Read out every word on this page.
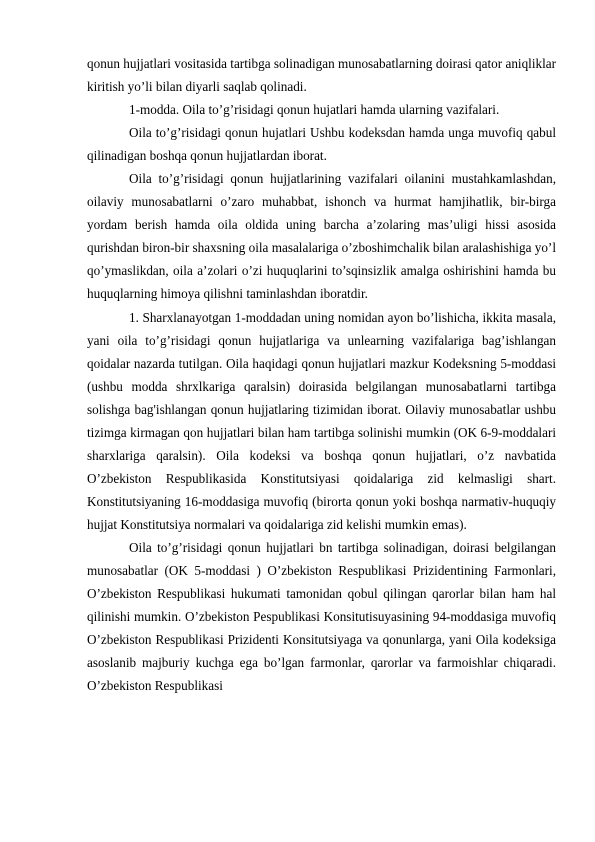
qonun hujjatlari vositasida tartibga solinadigan munosabatlarning doirasi qator aniqliklar kiritish yo’li bilan diyarli saqlab qolinadi.

1-modda. Oila to’g’risidagi qonun hujatlari hamda ularning vazifalari.

Oila to’g’risidagi qonun hujatlari Ushbu kodeksdan hamda unga muvofiq qabul qilinadigan boshqa qonun hujjatlardan iborat.

Oila to’g’risidagi qonun hujjatlarining vazifalari oilanini mustahkamlashdan, oilaviy munosabatlarni o’zaro muhabbat, ishonch va hurmat hamjihatlik, bir-birga yordam berish hamda oila oldida uning barcha a’zolaring mas’uligi hissi asosida qurishdan biron-bir shaxsning oila masalalariga o’zboshimchalik bilan aralashishiga yo’l qo’ymaslikdan, oila a’zolari o’zi huquqlarini to’sqinsizlik amalga oshirishini hamda bu huquqlarning himoya qilishni taminlashdan iboratdir.

1. Sharxlanayotgan 1-moddadan uning nomidan ayon bo’lishicha, ikkita masala, yani oila to’g’risidagi qonun hujjatlariga va unlearning vazifalariga bag’ishlangan qoidalar nazarda tutilgan. Oila haqidagi qonun hujjatlari mazkur Kodeksning 5-moddasi (ushbu modda shrxlkariga qaralsin) doirasida belgilangan munosabatlarni tartibga solishga bag'ishlangan qonun hujjatlaring tizimidan iborat. Oilaviy munosabatlar ushbu tizimga kirmagan qon hujjatlari bilan ham tartibga solinishi mumkin (OK 6-9-moddalari sharxlariga qaralsin). Oila kodeksi va boshqa qonun hujjatlari, o’z navbatida O’zbekiston Respublikasida Konstitutsiyasi qoidalariga zid kelmasligi shart. Konstitutsiyaning 16-moddasiga muvofiq (birorta qonun yoki boshqa narmativ-huquqiy hujjat Konstitutsiya normalari va qoidalariga zid kelishi mumkin emas).

Oila to’g’risidagi qonun hujjatlari bn tartibga solinadigan, doirasi belgilangan munosabatlar (OK 5-moddasi ) O’zbekiston Respublikasi Prizidentining Farmonlari, O’zbekiston Respublikasi hukumati tamonidan qobul qilingan qarorlar bilan ham hal qilinishi mumkin. O’zbekiston Pespublikasi Konsitutisuyasining 94-moddasiga muvofiq O’zbekiston Respublikasi Prizidenti Konsitutsiyaga va qonunlarga, yani Oila kodeksiga asoslanib majburiy kuchga ega bo’lgan farmonlar, qarorlar va farmoishlar chiqaradi. O’zbekiston Respublikasi
